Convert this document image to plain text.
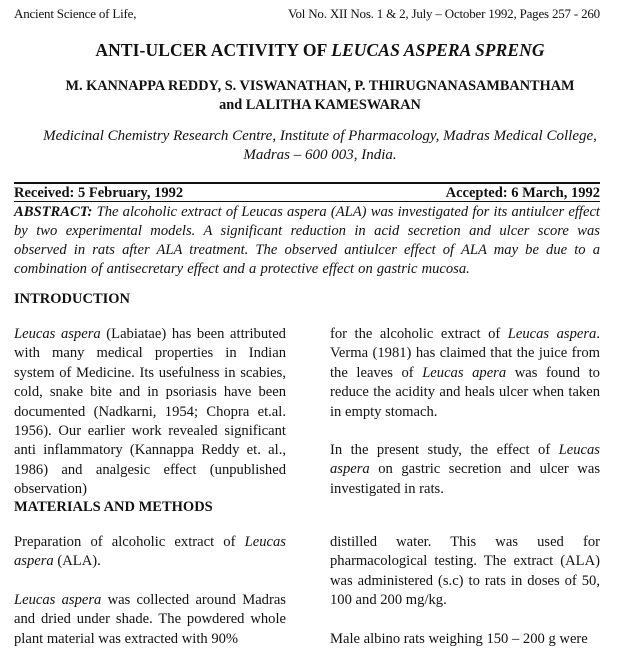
Ancient Science of Life,	Vol No. XII Nos. 1 & 2, July – October 1992, Pages 257 - 260
ANTI-ULCER ACTIVITY OF LEUCAS ASPERA SPRENG
M. KANNAPPA REDDY, S. VISWANATHAN, P. THIRUGNANASAMBANTHAM
and LALITHA KAMESWARAN
Medicinal Chemistry Research Centre, Institute of Pharmacology, Madras Medical College,
Madras – 600 003, India.
Received: 5 February, 1992	Accepted: 6 March, 1992
ABSTRACT: The alcoholic extract of Leucas aspera (ALA) was investigated for its antiulcer effect by two experimental models. A significant reduction in acid secretion and ulcer score was observed in rats after ALA treatment. The observed antiulcer effect of ALA may be due to a combination of antisecretary effect and a protective effect on gastric mucosa.
INTRODUCTION

Leucas aspera (Labiatae) has been attributed with many medical properties in Indian system of Medicine. Its usefulness in scabies, cold, snake bite and in psoriasis have been documented (Nadkarni, 1954; Chopra et.al. 1956). Our earlier work revealed significant anti inflammatory (Kannappa Reddy et. al., 1986) and analgesic effect (unpublished observation)

for the alcoholic extract of Leucas aspera. Verma (1981) has claimed that the juice from the leaves of Leucas apera was found to reduce the acidity and heals ulcer when taken in empty stomach.

In the present study, the effect of Leucas aspera on gastric secretion and ulcer was investigated in rats.

MATERIALS AND METHODS

Preparation of alcoholic extract of Leucas aspera (ALA).

Leucas aspera was collected around Madras and dried under shade. The powdered whole plant material was extracted with 90%

distilled water. This was used for pharmacological testing. The extract (ALA) was administered (s.c) to rats in doses of 50, 100 and 200 mg/kg.

Male albino rats weighing 150 – 200 g were
